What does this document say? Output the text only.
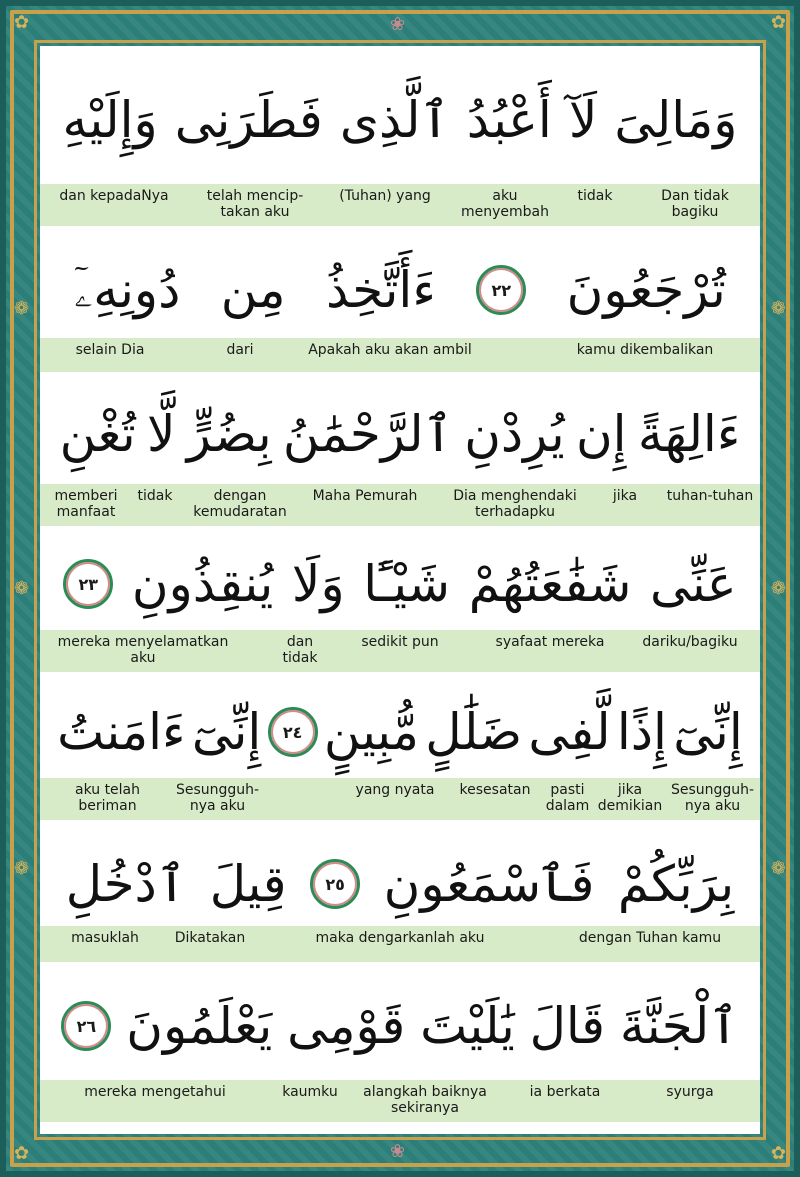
✿	✿
✿	✿
❀
❀
❁
❁
❁
❁
❁
❁
وَمَالِىَ
لَآ
أَعْبُدُ
ٱلَّذِى
فَطَرَنِى
وَإِلَيْهِ
Dan tidak
bagiku
tidak
aku
menyembah
(Tuhan) yang
telah mencip-
takan aku
dan kepadaNya
تُرْجَعُونَ
٢٢
ءَأَتَّخِذُ
مِن
دُونِهِۦٓ
kamu dikembalikan
Apakah aku akan ambil
dari
selain Dia
ءَالِهَةً
إِن
يُرِدْنِ
ٱلرَّحْمَٰنُ
بِضُرٍّ
لَّا
تُغْنِ
tuhan-tuhan
jika
Dia menghendaki
terhadapku
Maha Pemurah
dengan
kemudaratan
tidak
memberi
manfaat
عَنِّى
شَفَٰعَتُهُمْ
شَيْـًٔا
وَلَا
يُنقِذُونِ
٢٣
dariku/bagiku
syafaat mereka
sedikit pun
dan
tidak
mereka menyelamatkan
aku
إِنِّىٓ
إِذًا
لَّفِى
ضَلَٰلٍ
مُّبِينٍ
٢٤
إِنِّىٓ
ءَامَنتُ
Sesungguh-
nya aku
jika
demikian
pasti
dalam
kesesatan
yang nyata
Sesungguh-
nya aku
aku telah
beriman
بِرَبِّكُمْ
فَٱسْمَعُونِ
٢٥
قِيلَ
ٱدْخُلِ
dengan Tuhan kamu
maka dengarkanlah aku
Dikatakan
masuklah
ٱلْجَنَّةَ
قَالَ
يَٰلَيْتَ
قَوْمِى
يَعْلَمُونَ
٢٦
syurga
ia berkata
alangkah baiknya
sekiranya
kaumku
mereka mengetahui
